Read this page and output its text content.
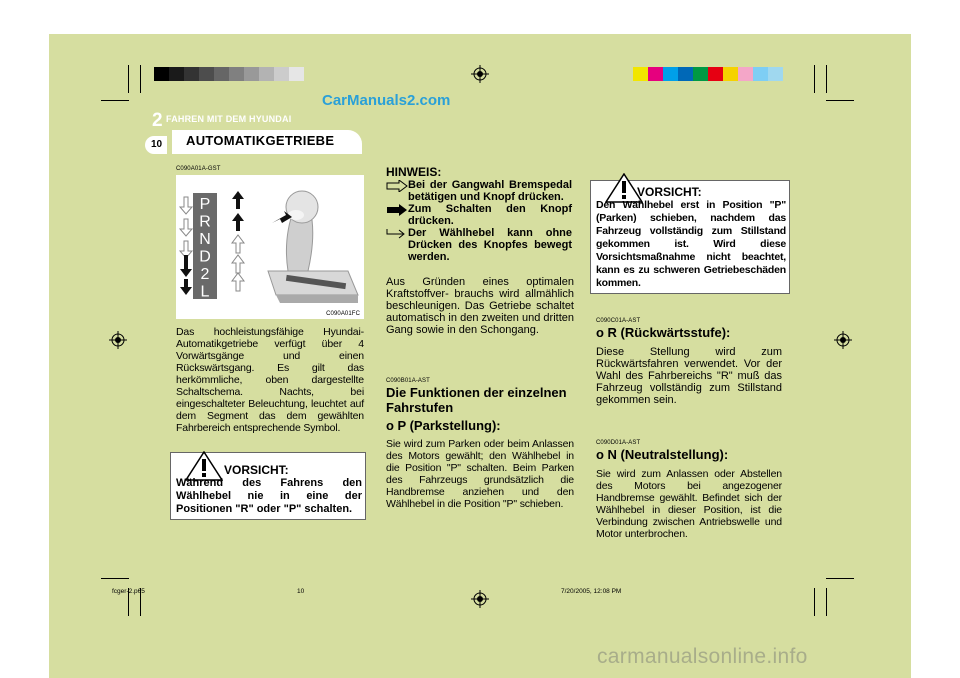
CarManuals2.com
2 FAHREN MIT DEM HYUNDAI
10 AUTOMATIKGETRIEBE
C090A01A-GST
P
R
N
D
2
L
C090A01FC
Das hochleistungsfähige Hyundai-Automatikgetriebe verfügt über 4 Vorwärtsgänge und einen Rückswärtsgang. Es gilt das herkömmliche, oben dargestellte Schaltschema. Nachts, bei eingeschalteter Beleuchtung, leuchtet auf dem Segment das dem gewählten Fahrbereich entsprechende Symbol.
VORSICHT:
Während des Fahrens den Wählhebel nie in eine der Positionen "R" oder "P" schalten.
HINWEIS:
Bei der Gangwahl Bremspedal betätigen und Knopf drücken.
Zum Schalten den Knopf drücken.
Der Wählhebel kann ohne Drücken des Knopfes bewegt werden.
Aus Gründen eines optimalen Kraftstoffver- brauchs wird allmählich beschleunigen. Das Getriebe schaltet automatisch in den zweiten und dritten Gang sowie in den Schongang.
C090B01A-AST
Die Funktionen der einzelnen Fahrstufen
o P (Parkstellung):
Sie wird zum Parken oder beim Anlassen des Motors gewählt; den Wählhebel in die Position "P" schalten. Beim Parken des Fahrzeugs grundsätzlich die Handbremse anziehen und den Wählhebel in die Position "P" schieben.
VORSICHT:
Den Wählhebel erst in Position "P" (Parken) schieben, nachdem das Fahrzeug vollständig zum Stillstand gekommen ist. Wird diese Vorsichtsmaßnahme nicht beachtet, kann es zu schweren Getriebeschäden kommen.
C090C01A-AST
o R (Rückwärtsstufe):
Diese Stellung wird zum Rückwärtsfahren verwendet. Vor der Wahl des Fahrbereichs "R" muß das Fahrzeug vollständig zum Stillstand gekommen sein.
C090D01A-AST
o N (Neutralstellung):
Sie wird zum Anlassen oder Abstellen des Motors bei angezogener Handbremse gewählt. Befindet sich der Wählhebel in dieser Position, ist die Verbindung zwischen Antriebswelle und Motor unterbrochen.
fcger-2.p65	10	7/20/2005, 12:08 PM
carmanualsonline.info
